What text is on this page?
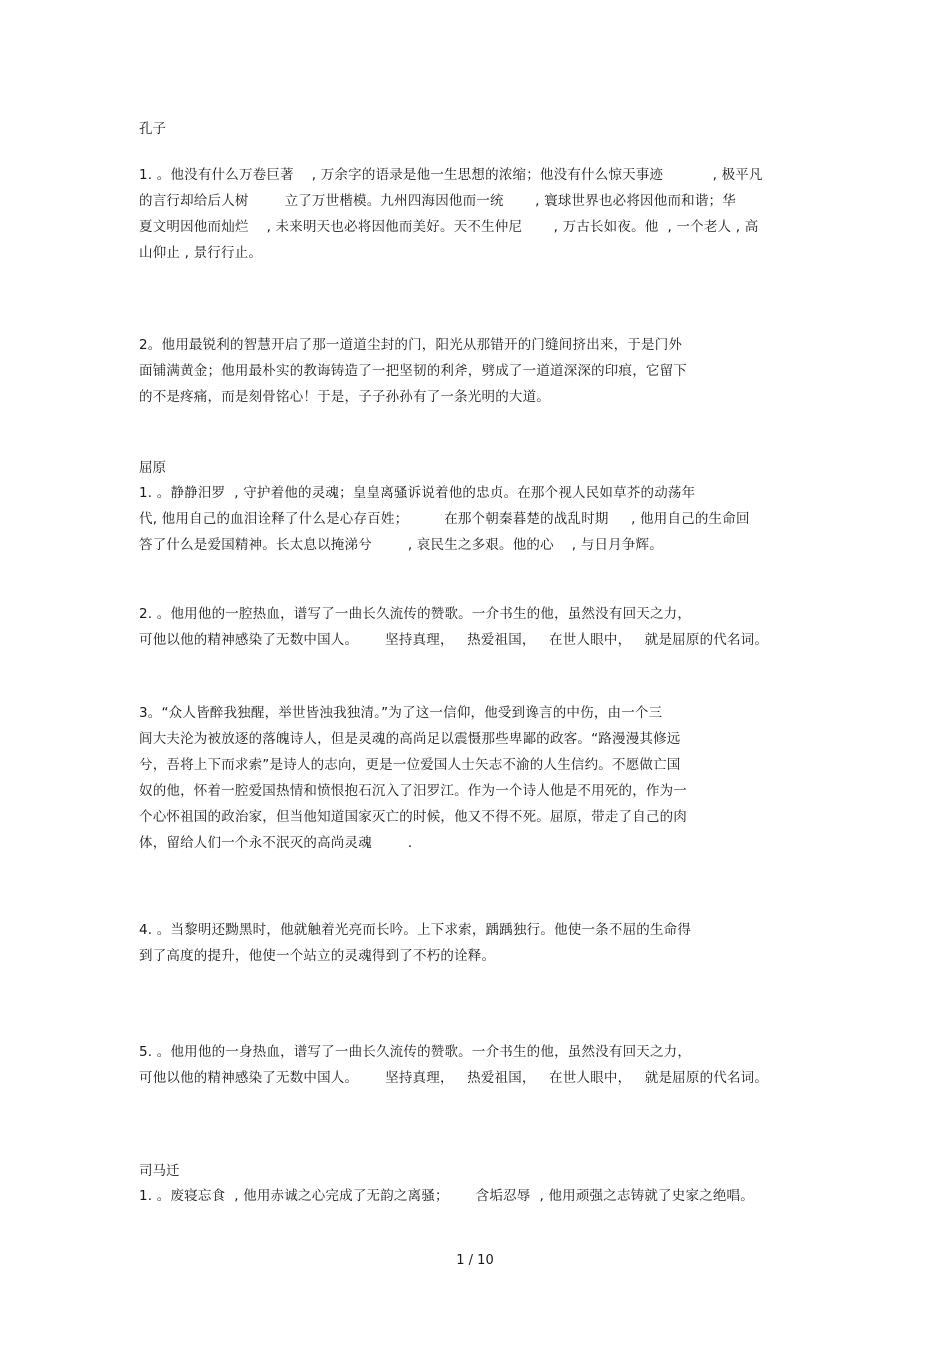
孔子
1. 。他没有什么万卷巨著    , 万余字的语录是他一生思想的浓缩；他没有什么惊天事迹           , 极平凡
的言行却给后人树        立了万世楷模。九州四海因他而一统       , 寰球世界也必将因他而和谐；华
夏文明因他而灿烂    , 未来明天也必将因他而美好。天不生仲尼       , 万古长如夜。他  , 一个老人 , 高
山仰止 , 景行行止。
2。他用最锐利的智慧开启了那一道道尘封的门，阳光从那错开的门缝间挤出来，于是门外
面铺满黄金；他用最朴实的教诲铸造了一把坚韧的利斧，劈成了一道道深深的印痕，它留下
的不是疼痛，而是刻骨铭心！于是，子子孙孙有了一条光明的大道。
屈原
1. 。静静汨罗  , 守护着他的灵魂；皇皇离骚诉说着他的忠贞。在那个视人民如草芥的动荡年
代, 他用自己的血泪诠释了什么是心存百姓；        在那个朝秦暮楚的战乱时期     , 他用自己的生命回
答了什么是爱国精神。长太息以掩涕兮        , 哀民生之多艰。他的心    , 与日月争辉。
2. 。他用他的一腔热血，谱写了一曲长久流传的赞歌。一介书生的他，虽然没有回天之力，
可他以他的精神感染了无数中国人。      坚持真理，   热爱祖国，   在世人眼中，   就是屈原的代名词。
3。“众人皆醉我独醒，举世皆浊我独清。”为了这一信仰，他受到谗言的中伤，由一个三
闾大夫沦为被放逐的落魄诗人，但是灵魂的高尚足以震慑那些卑鄙的政客。“路漫漫其修远
兮，吾将上下而求索”是诗人的志向，更是一位爱国人士矢志不渝的人生信约。不愿做亡国
奴的他，怀着一腔爱国热情和愤恨抱石沉入了汨罗江。作为一个诗人他是不用死的，作为一
个心怀祖国的政治家，但当他知道国家灭亡的时候，他又不得不死。屈原，带走了自己的肉
体，留给人们一个永不泯灭的高尚灵魂        .
4. 。当黎明还黝黑时，他就触着光亮而长吟。上下求索，踽踽独行。他使一条不屈的生命得
到了高度的提升，他使一个站立的灵魂得到了不朽的诠释。
5. 。他用他的一身热血，谱写了一曲长久流传的赞歌。一介书生的他，虽然没有回天之力，
可他以他的精神感染了无数中国人。      坚持真理，   热爱祖国，   在世人眼中，   就是屈原的代名词。
司马迁
1. 。废寝忘食  , 他用赤诚之心完成了无韵之离骚；      含垢忍辱  , 他用顽强之志铸就了史家之绝唱。
1 / 10
